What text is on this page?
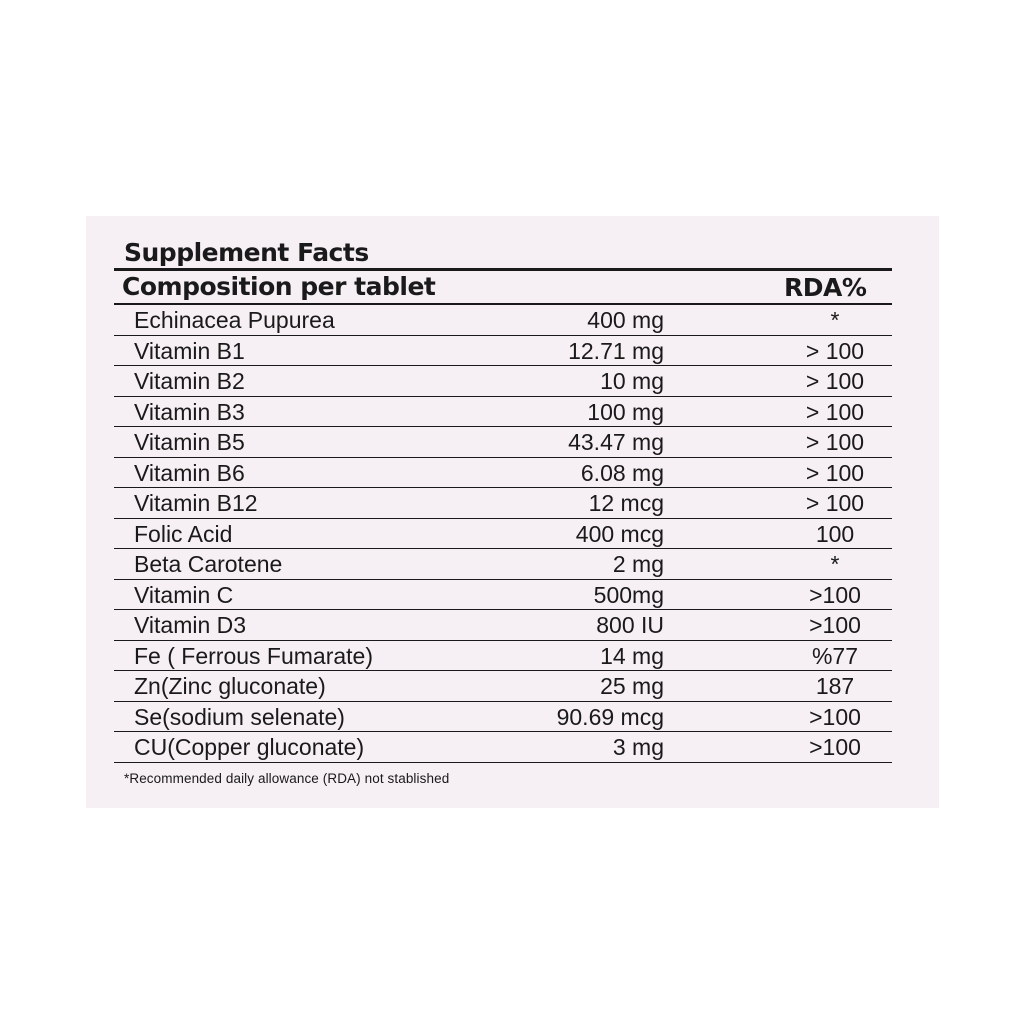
Supplement Facts
Composition per tablet	RDA%
Echinacea Pupurea	400 mg	*
Vitamin B1	12.71 mg	> 100
Vitamin B2	10 mg	> 100
Vitamin B3	100 mg	> 100
Vitamin B5	43.47 mg	> 100
Vitamin B6	6.08 mg	> 100
Vitamin B12	12 mcg	> 100
Folic Acid	400 mcg	100
Beta Carotene	2 mg	*
Vitamin C	500mg	>100
Vitamin D3	800 IU	>100
Fe ( Ferrous Fumarate)	14 mg	%77
Zn(Zinc gluconate)	25 mg	187
Se(sodium selenate)	90.69 mcg	>100
CU(Copper gluconate)	3 mg	>100
*Recommended daily allowance (RDA) not stablished
